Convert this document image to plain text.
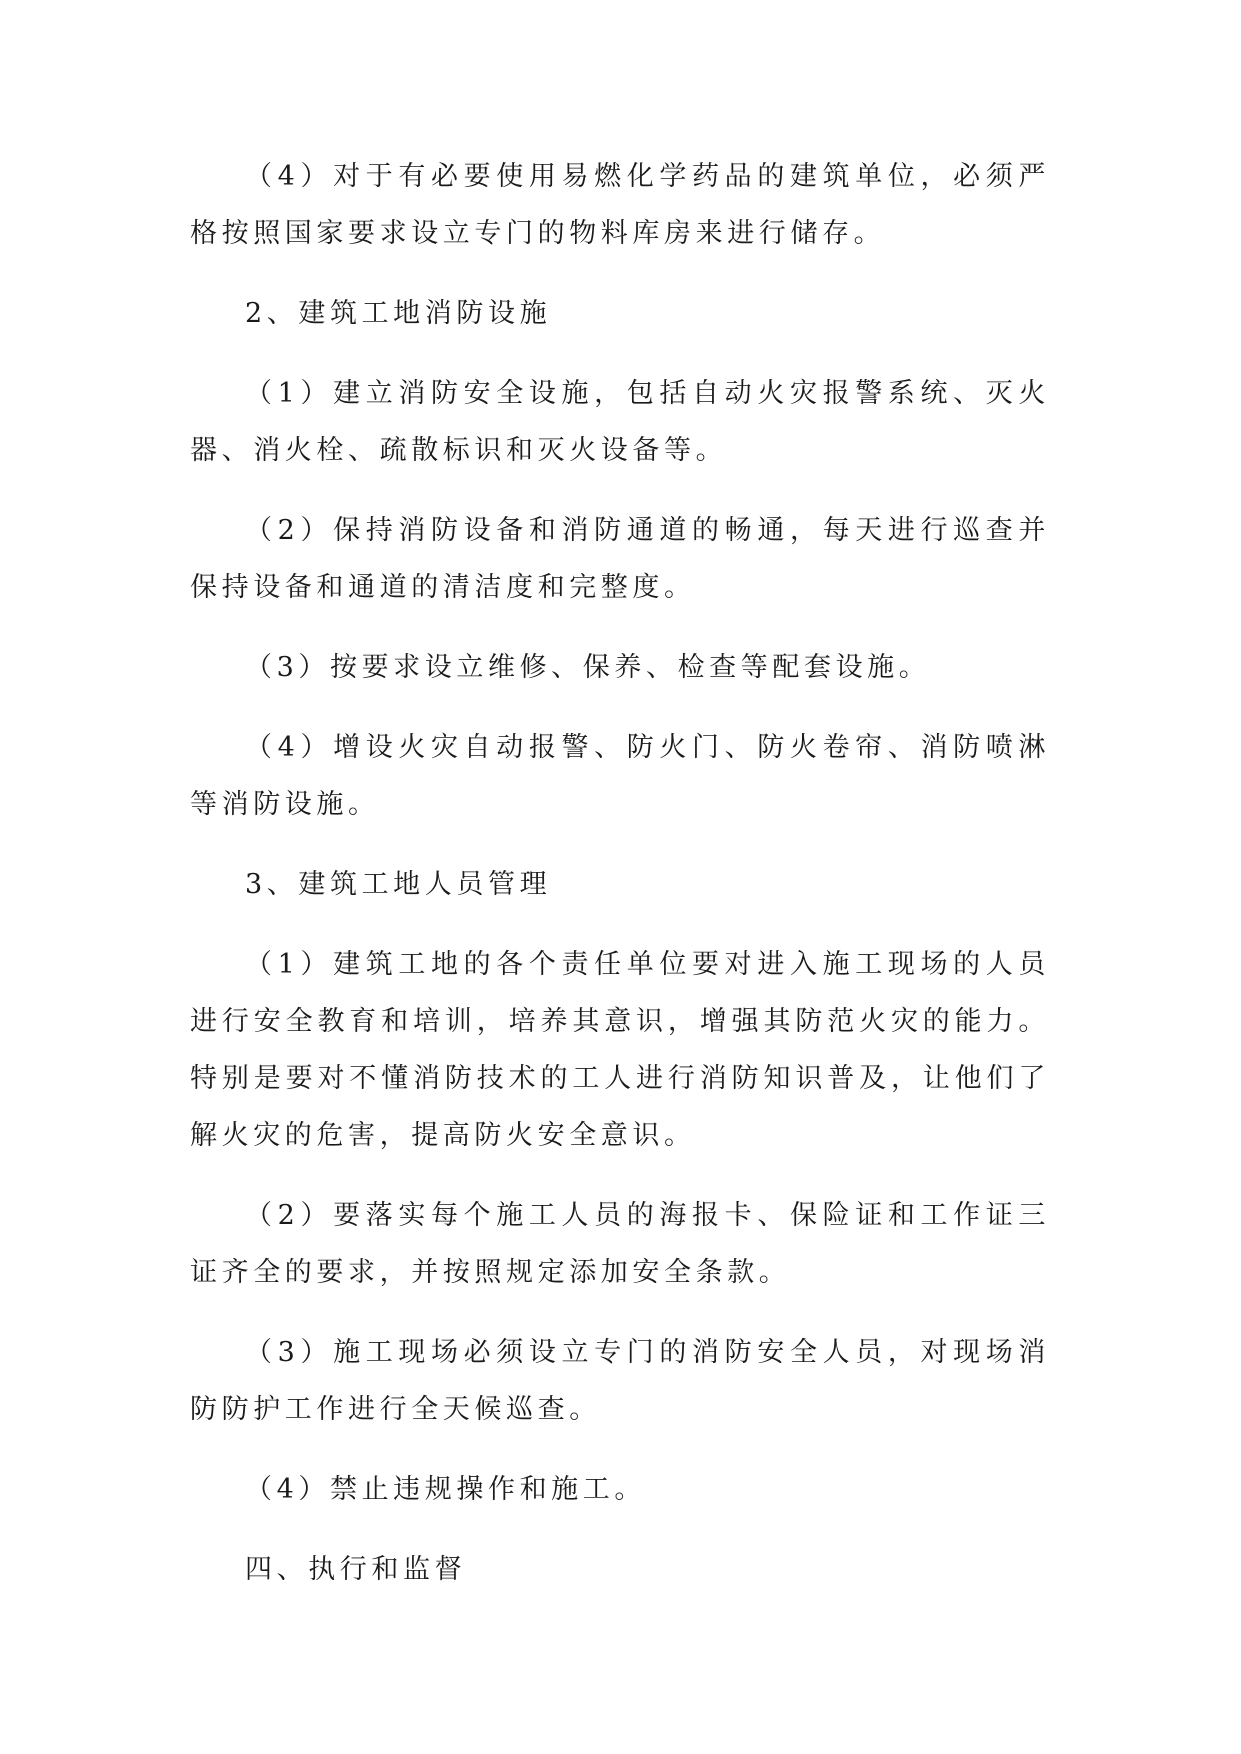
（4）对于有必要使用易燃化学药品的建筑单位，必须严格按照国家要求设立专门的物料库房来进行储存。

2、建筑工地消防设施

（1）建立消防安全设施，包括自动火灾报警系统、灭火器、消火栓、疏散标识和灭火设备等。

（2）保持消防设备和消防通道的畅通，每天进行巡查并保持设备和通道的清洁度和完整度。

（3）按要求设立维修、保养、检查等配套设施。

（4）增设火灾自动报警、防火门、防火卷帘、消防喷淋等消防设施。

3、建筑工地人员管理

（1）建筑工地的各个责任单位要对进入施工现场的人员进行安全教育和培训，培养其意识，增强其防范火灾的能力。特别是要对不懂消防技术的工人进行消防知识普及，让他们了解火灾的危害，提高防火安全意识。

（2）要落实每个施工人员的海报卡、保险证和工作证三证齐全的要求，并按照规定添加安全条款。

（3）施工现场必须设立专门的消防安全人员，对现场消防防护工作进行全天候巡查。

（4）禁止违规操作和施工。

四、执行和监督
